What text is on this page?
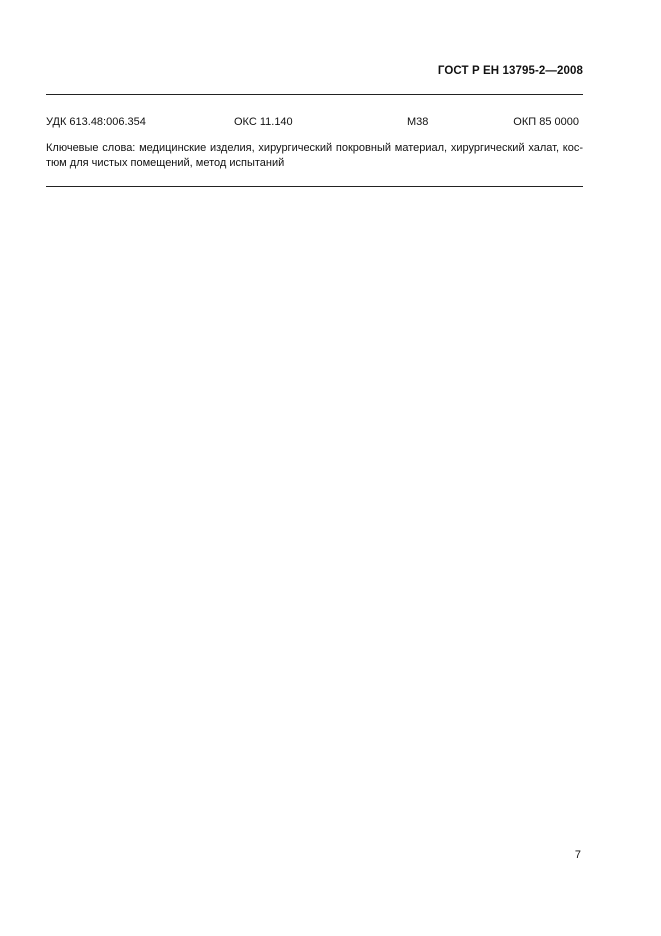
ГОСТ Р ЕН 13795-2—2008
УДК 613.48:006.354	ОКС 11.140	М38	ОКП 85 0000
Ключевые слова: медицинские изделия, хирургический покровный материал, хирургический халат, кос-
тюм для чистых помещений, метод испытаний
7
